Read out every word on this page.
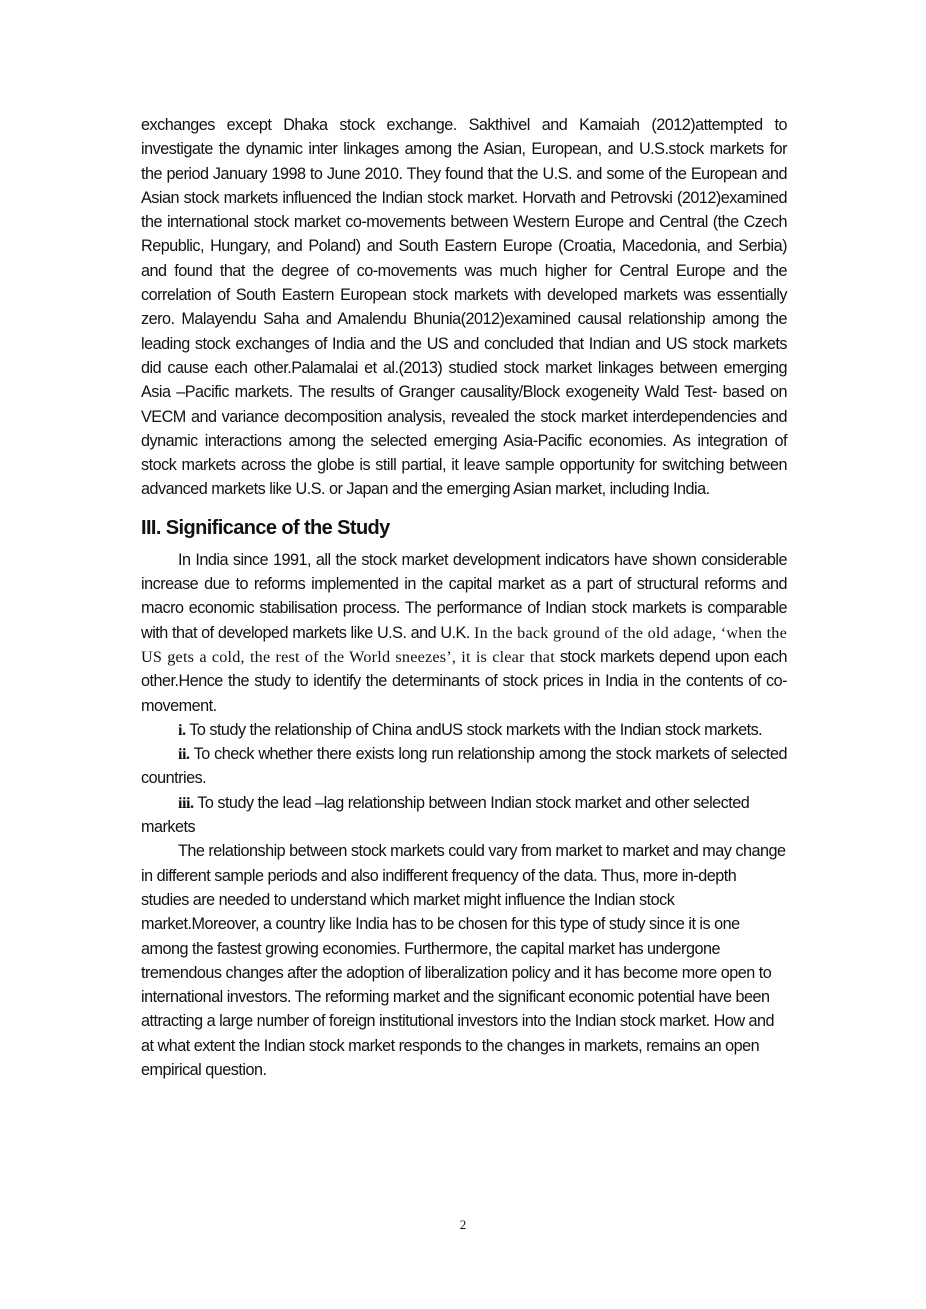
exchanges except Dhaka stock exchange. Sakthivel and Kamaiah (2012)attempted to investigate the dynamic inter linkages among the Asian, European, and U.S.stock markets for the period January 1998 to June 2010. They found that the U.S. and some of the European and Asian stock markets influenced the Indian stock market. Horvath and Petrovski (2012)examined the international stock market co-movements between Western Europe and Central (the Czech Republic, Hungary, and Poland) and South Eastern Europe (Croatia, Macedonia, and Serbia) and found that the degree of co-movements was much higher for Central Europe and the correlation of South Eastern European stock markets with developed markets was essentially zero. Malayendu Saha and Amalendu Bhunia(2012)examined causal relationship among the leading stock exchanges of India and the US and concluded that Indian and US stock markets did cause each other.Palamalai et al.(2013) studied stock market linkages between emerging Asia –Pacific markets. The results of Granger causality/Block exogeneity Wald Test- based on VECM and variance decomposition analysis, revealed the stock market interdependencies and dynamic interactions among the selected emerging Asia-Pacific economies. As integration of stock markets across the globe is still partial, it leave sample opportunity for switching between advanced markets like U.S. or Japan and the emerging Asian market, including India.

III. Significance of the Study

In India since 1991, all the stock market development indicators have shown considerable increase due to reforms implemented in the capital market as a part of structural reforms and macro economic stabilisation process. The performance of Indian stock markets is comparable with that of developed markets like U.S. and U.K. In the back ground of the old adage, ‘when the US gets a cold, the rest of the World sneezes’, it is clear that stock markets depend upon each other.Hence the study to identify the determinants of stock prices in India in the contents of co-movement.

i. To study the relationship of China andUS stock markets with the Indian stock markets.

ii. To check whether there exists long run relationship among the stock markets of selected countries.

iii. To study the lead –lag relationship between Indian stock market and other selected markets

The relationship between stock markets could vary from market to market and may change in different sample periods and also indifferent frequency of the data. Thus, more in-depth studies are needed to understand which market might influence the Indian stock market.Moreover, a country like India has to be chosen for this type of study since it is one among the fastest growing economies. Furthermore, the capital market has undergone tremendous changes after the adoption of liberalization policy and it has become more open to international investors. The reforming market and the significant economic potential have been attracting a large number of foreign institutional investors into the Indian stock market. How and at what extent the Indian stock market responds to the changes in markets, remains an open empirical question.

2
